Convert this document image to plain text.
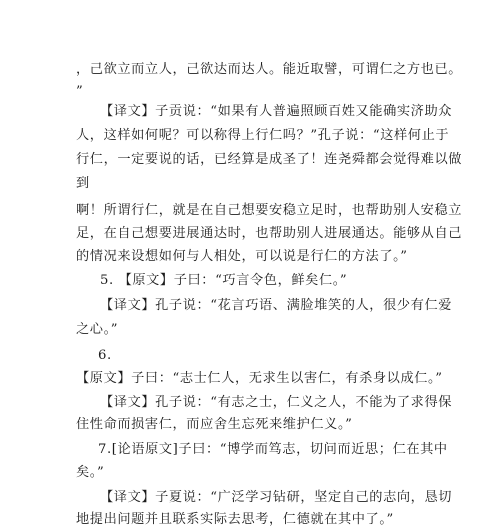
，己欲立而立人，己欲达而达人。能近取譬，可谓仁之方也已。
”
【译文】子贡说：“如果有人普遍照顾百姓又能确实济助众
人，这样如何呢？可以称得上行仁吗？”孔子说：“这样何止于
行仁，一定要说的话，已经算是成圣了！连尧舜都会觉得难以做
到
啊！所谓行仁，就是在自己想要安稳立足时，也帮助别人安稳立
足，在自己想要进展通达时，也帮助别人进展通达。能够从自己
的情况来设想如何与人相处，可以说是行仁的方法了。”
5. 【原文】子曰：“巧言令色，鲜矣仁。”
【译文】孔子说：“花言巧语、满脸堆笑的人，很少有仁爱
之心。”
6.
【原文】子曰：“志士仁人，无求生以害仁，有杀身以成仁。”
【译文】孔子说：“有志之士，仁义之人，不能为了求得保
住性命而损害仁，而应舍生忘死来维护仁义。”
7.[论语原文]子曰：“博学而笃志，切问而近思；仁在其中
矣。”
【译文】子夏说：“广泛学习钻研，坚定自己的志向，恳切
地提出问题并且联系实际去思考，仁德就在其中了。”
